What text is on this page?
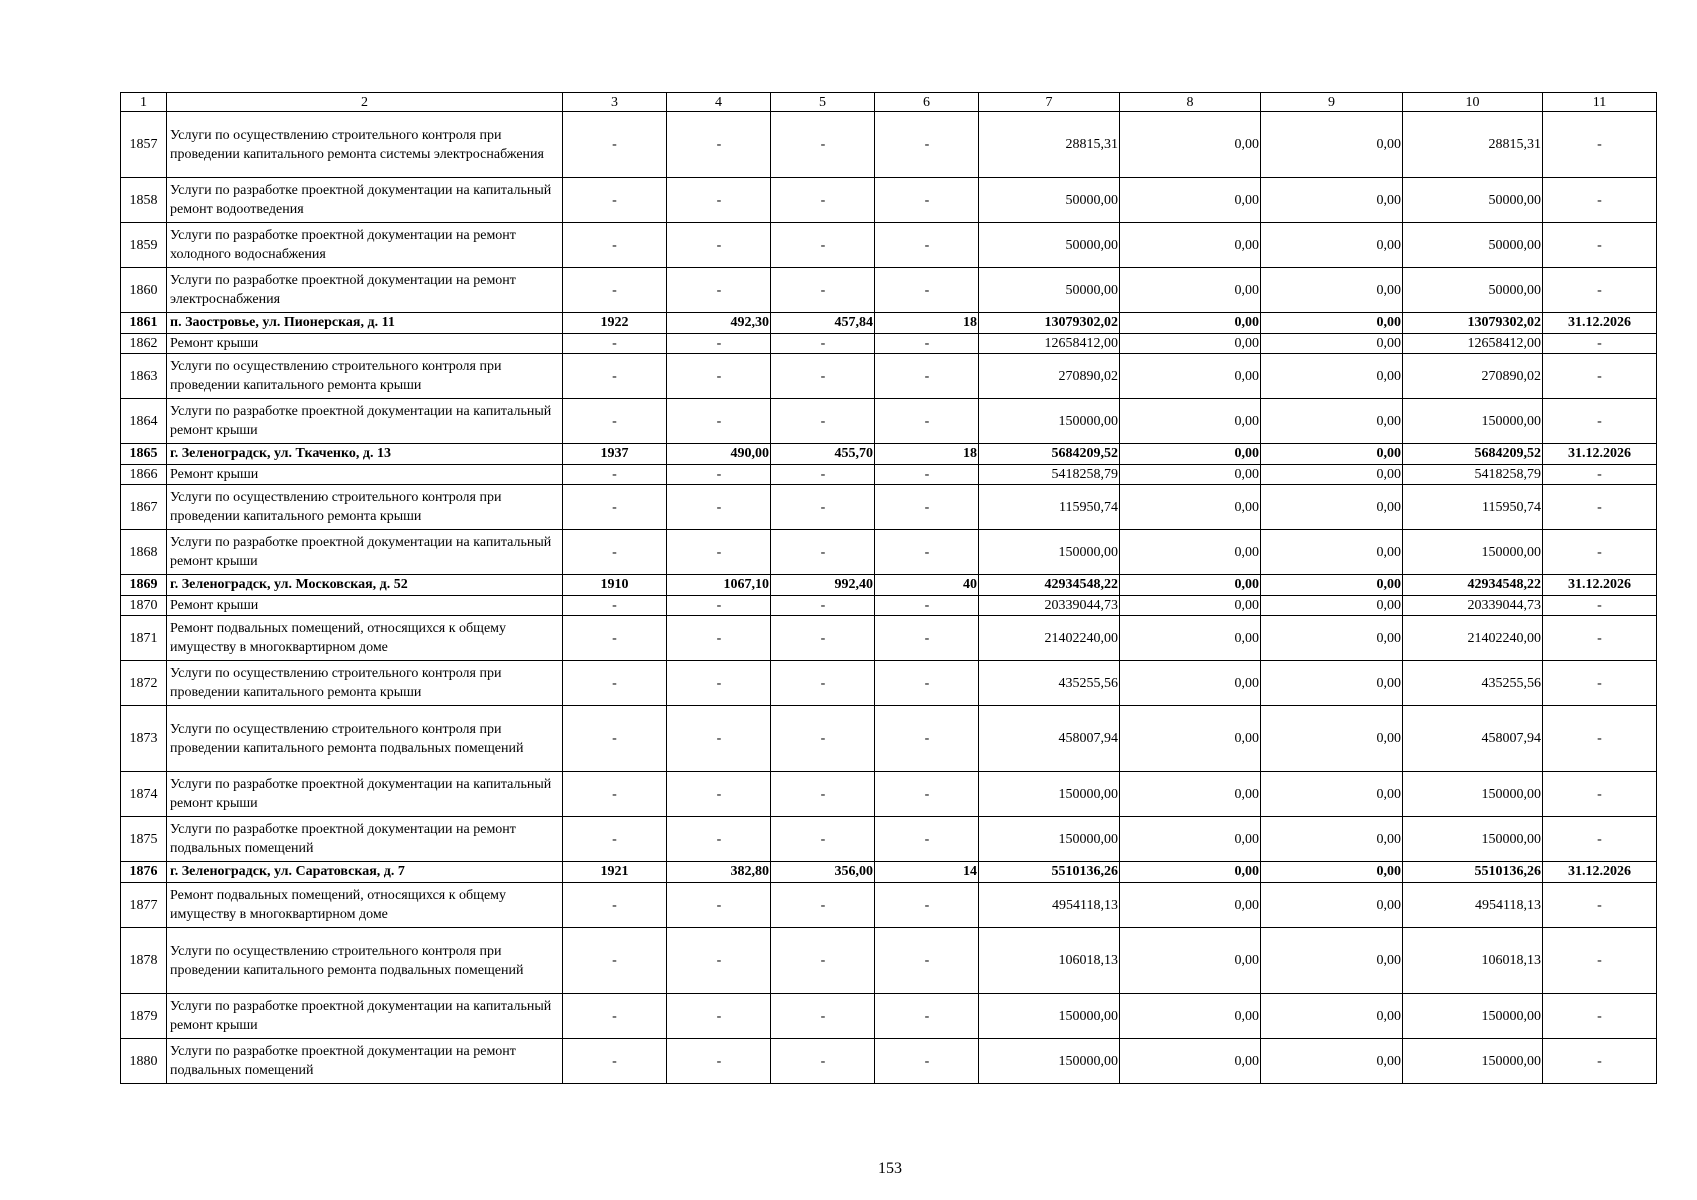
1	2	3	4	5	6	7	8	9	10	11
1857	Услуги по осуществлению строительного контроля при проведении капитального ремонта системы электроснабжения	-	-	-	-	28815,31	0,00	0,00	28815,31	-
1858	Услуги по разработке проектной документации на капитальный ремонт водоотведения	-	-	-	-	50000,00	0,00	0,00	50000,00	-
1859	Услуги по разработке проектной документации на ремонт холодного водоснабжения	-	-	-	-	50000,00	0,00	0,00	50000,00	-
1860	Услуги по разработке проектной документации на ремонт электроснабжения	-	-	-	-	50000,00	0,00	0,00	50000,00	-
1861	п. Заостровье, ул. Пионерская, д. 11	1922	492,30	457,84	18	13079302,02	0,00	0,00	13079302,02	31.12.2026
1862	Ремонт крыши	-	-	-	-	12658412,00	0,00	0,00	12658412,00	-
1863	Услуги по осуществлению строительного контроля при проведении капитального ремонта крыши	-	-	-	-	270890,02	0,00	0,00	270890,02	-
1864	Услуги по разработке проектной документации на капитальный ремонт крыши	-	-	-	-	150000,00	0,00	0,00	150000,00	-
1865	г. Зеленоградск, ул. Ткаченко, д. 13	1937	490,00	455,70	18	5684209,52	0,00	0,00	5684209,52	31.12.2026
1866	Ремонт крыши	-	-	-	-	5418258,79	0,00	0,00	5418258,79	-
1867	Услуги по осуществлению строительного контроля при проведении капитального ремонта крыши	-	-	-	-	115950,74	0,00	0,00	115950,74	-
1868	Услуги по разработке проектной документации на капитальный ремонт крыши	-	-	-	-	150000,00	0,00	0,00	150000,00	-
1869	г. Зеленоградск, ул. Московская, д. 52	1910	1067,10	992,40	40	42934548,22	0,00	0,00	42934548,22	31.12.2026
1870	Ремонт крыши	-	-	-	-	20339044,73	0,00	0,00	20339044,73	-
1871	Ремонт подвальных помещений, относящихся к общему имуществу в многоквартирном доме	-	-	-	-	21402240,00	0,00	0,00	21402240,00	-
1872	Услуги по осуществлению строительного контроля при проведении капитального ремонта крыши	-	-	-	-	435255,56	0,00	0,00	435255,56	-
1873	Услуги по осуществлению строительного контроля при проведении капитального ремонта подвальных помещений	-	-	-	-	458007,94	0,00	0,00	458007,94	-
1874	Услуги по разработке проектной документации на капитальный ремонт крыши	-	-	-	-	150000,00	0,00	0,00	150000,00	-
1875	Услуги по разработке проектной документации на ремонт подвальных помещений	-	-	-	-	150000,00	0,00	0,00	150000,00	-
1876	г. Зеленоградск, ул. Саратовская, д. 7	1921	382,80	356,00	14	5510136,26	0,00	0,00	5510136,26	31.12.2026
1877	Ремонт подвальных помещений, относящихся к общему имуществу в многоквартирном доме	-	-	-	-	4954118,13	0,00	0,00	4954118,13	-
1878	Услуги по осуществлению строительного контроля при проведении капитального ремонта подвальных помещений	-	-	-	-	106018,13	0,00	0,00	106018,13	-
1879	Услуги по разработке проектной документации на капитальный ремонт крыши	-	-	-	-	150000,00	0,00	0,00	150000,00	-
1880	Услуги по разработке проектной документации на ремонт подвальных помещений	-	-	-	-	150000,00	0,00	0,00	150000,00	-
153
